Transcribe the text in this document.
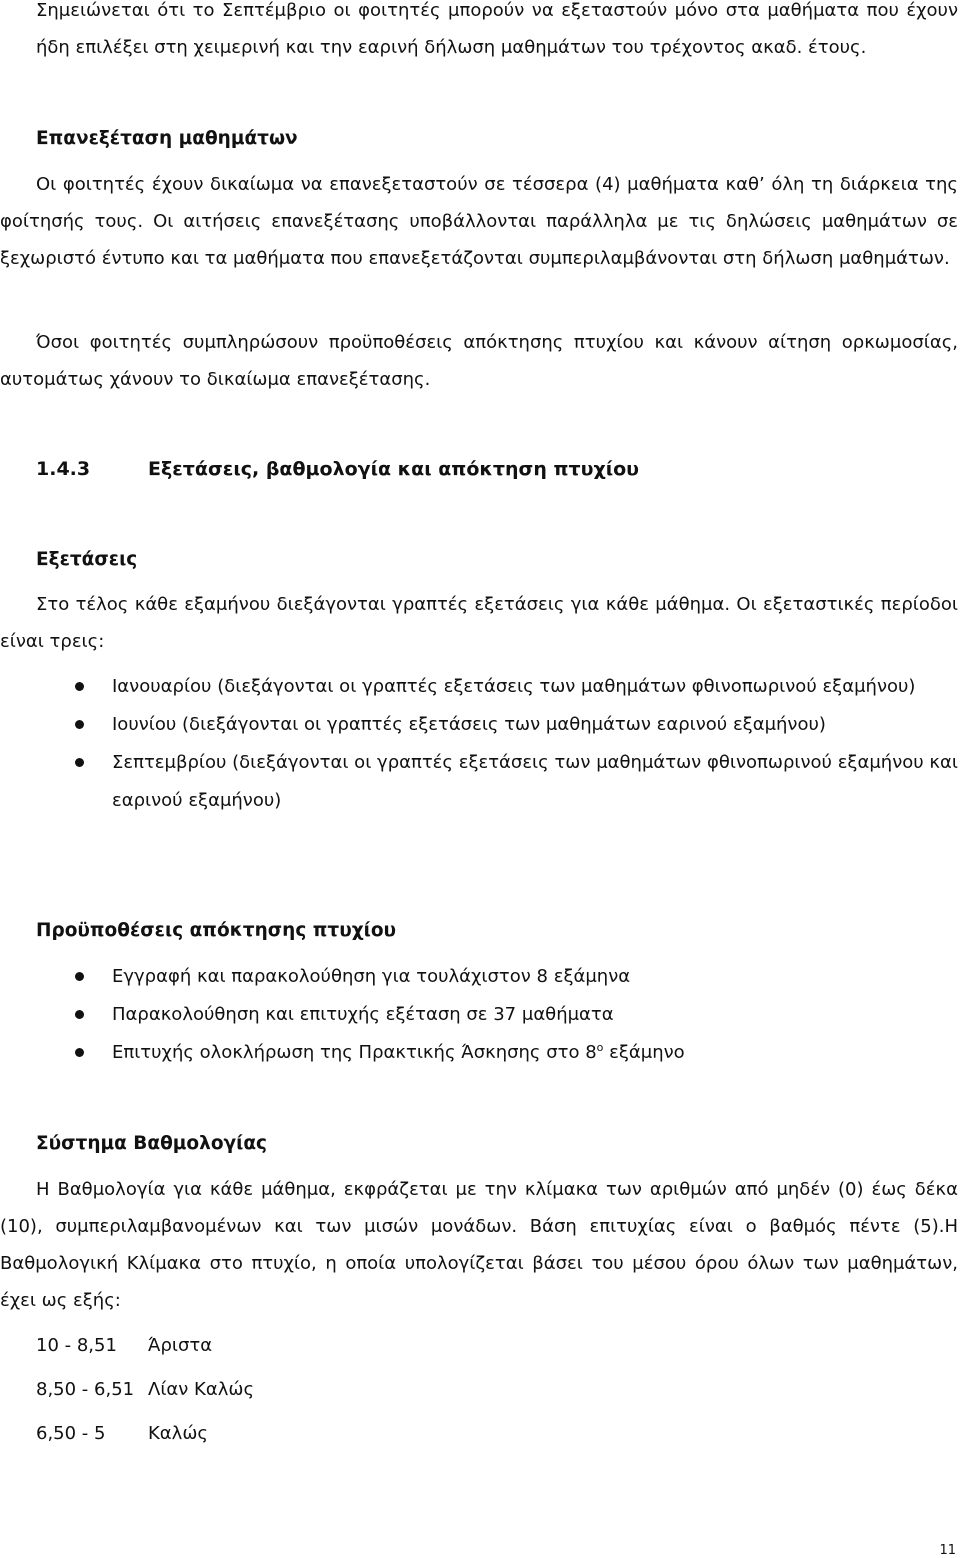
Σημειώνεται ότι το Σεπτέμβριο οι φοιτητές μπορούν να εξεταστούν μόνο στα μαθήματα που έχουν ήδη επιλέξει στη χειμερινή και την εαρινή δήλωση μαθημάτων του τρέχοντος ακαδ. έτους.

Επανεξέταση μαθημάτων

Οι φοιτητές έχουν δικαίωμα να επανεξεταστούν σε τέσσερα (4) μαθήματα καθ’ όλη τη διάρκεια της φοίτησής τους. Οι αιτήσεις επανεξέτασης υποβάλλονται παράλληλα με τις δηλώσεις μαθημάτων σε ξεχωριστό έντυπο και τα μαθήματα που επανεξετάζονται συμπεριλαμβάνονται στη δήλωση μαθημάτων.

Όσοι φοιτητές συμπληρώσουν προϋποθέσεις απόκτησης πτυχίου και κάνουν αίτηση ορκωμοσίας, αυτομάτως χάνουν το δικαίωμα επανεξέτασης.

1.4.3	Εξετάσεις, βαθμολογία και απόκτηση πτυχίου
Εξετάσεις

Στο τέλος κάθε εξαμήνου διεξάγονται γραπτές εξετάσεις για κάθε μάθημα. Οι εξεταστικές περίοδοι είναι τρεις:

Ιανουαρίου (διεξάγονται οι γραπτές εξετάσεις των μαθημάτων φθινοπωρινού εξαμήνου)
Ιουνίου (διεξάγονται οι γραπτές εξετάσεις των μαθημάτων εαρινού εξαμήνου)
Σεπτεμβρίου (διεξάγονται οι γραπτές εξετάσεις των μαθημάτων φθινοπωρινού εξαμήνου και εαρινού εξαμήνου)
Προϋποθέσεις απόκτησης πτυχίου
Εγγραφή και παρακολούθηση για τουλάχιστον 8 εξάμηνα
Παρακολούθηση και επιτυχής εξέταση σε 37 μαθήματα
Επιτυχής ολοκλήρωση της Πρακτικής Άσκησης στο $8^o$ εξάμηνο
Σύστημα Βαθμολογίας

Η Βαθμολογία για κάθε μάθημα, εκφράζεται με την κλίμακα των αριθμών από μηδέν (0) έως δέκα (10), συμπεριλαμβανομένων και των μισών μονάδων. Βάση επιτυχίας είναι ο βαθμός πέντε (5).Η Βαθμολογική Κλίμακα στο πτυχίο, η οποία υπολογίζεται βάσει του μέσου όρου όλων των μαθημάτων, έχει ως εξής:

10 - 8,51 Άριστα
8,50 - 6,51 Λίαν Καλώς
6,50 - 5 Καλώς
11
